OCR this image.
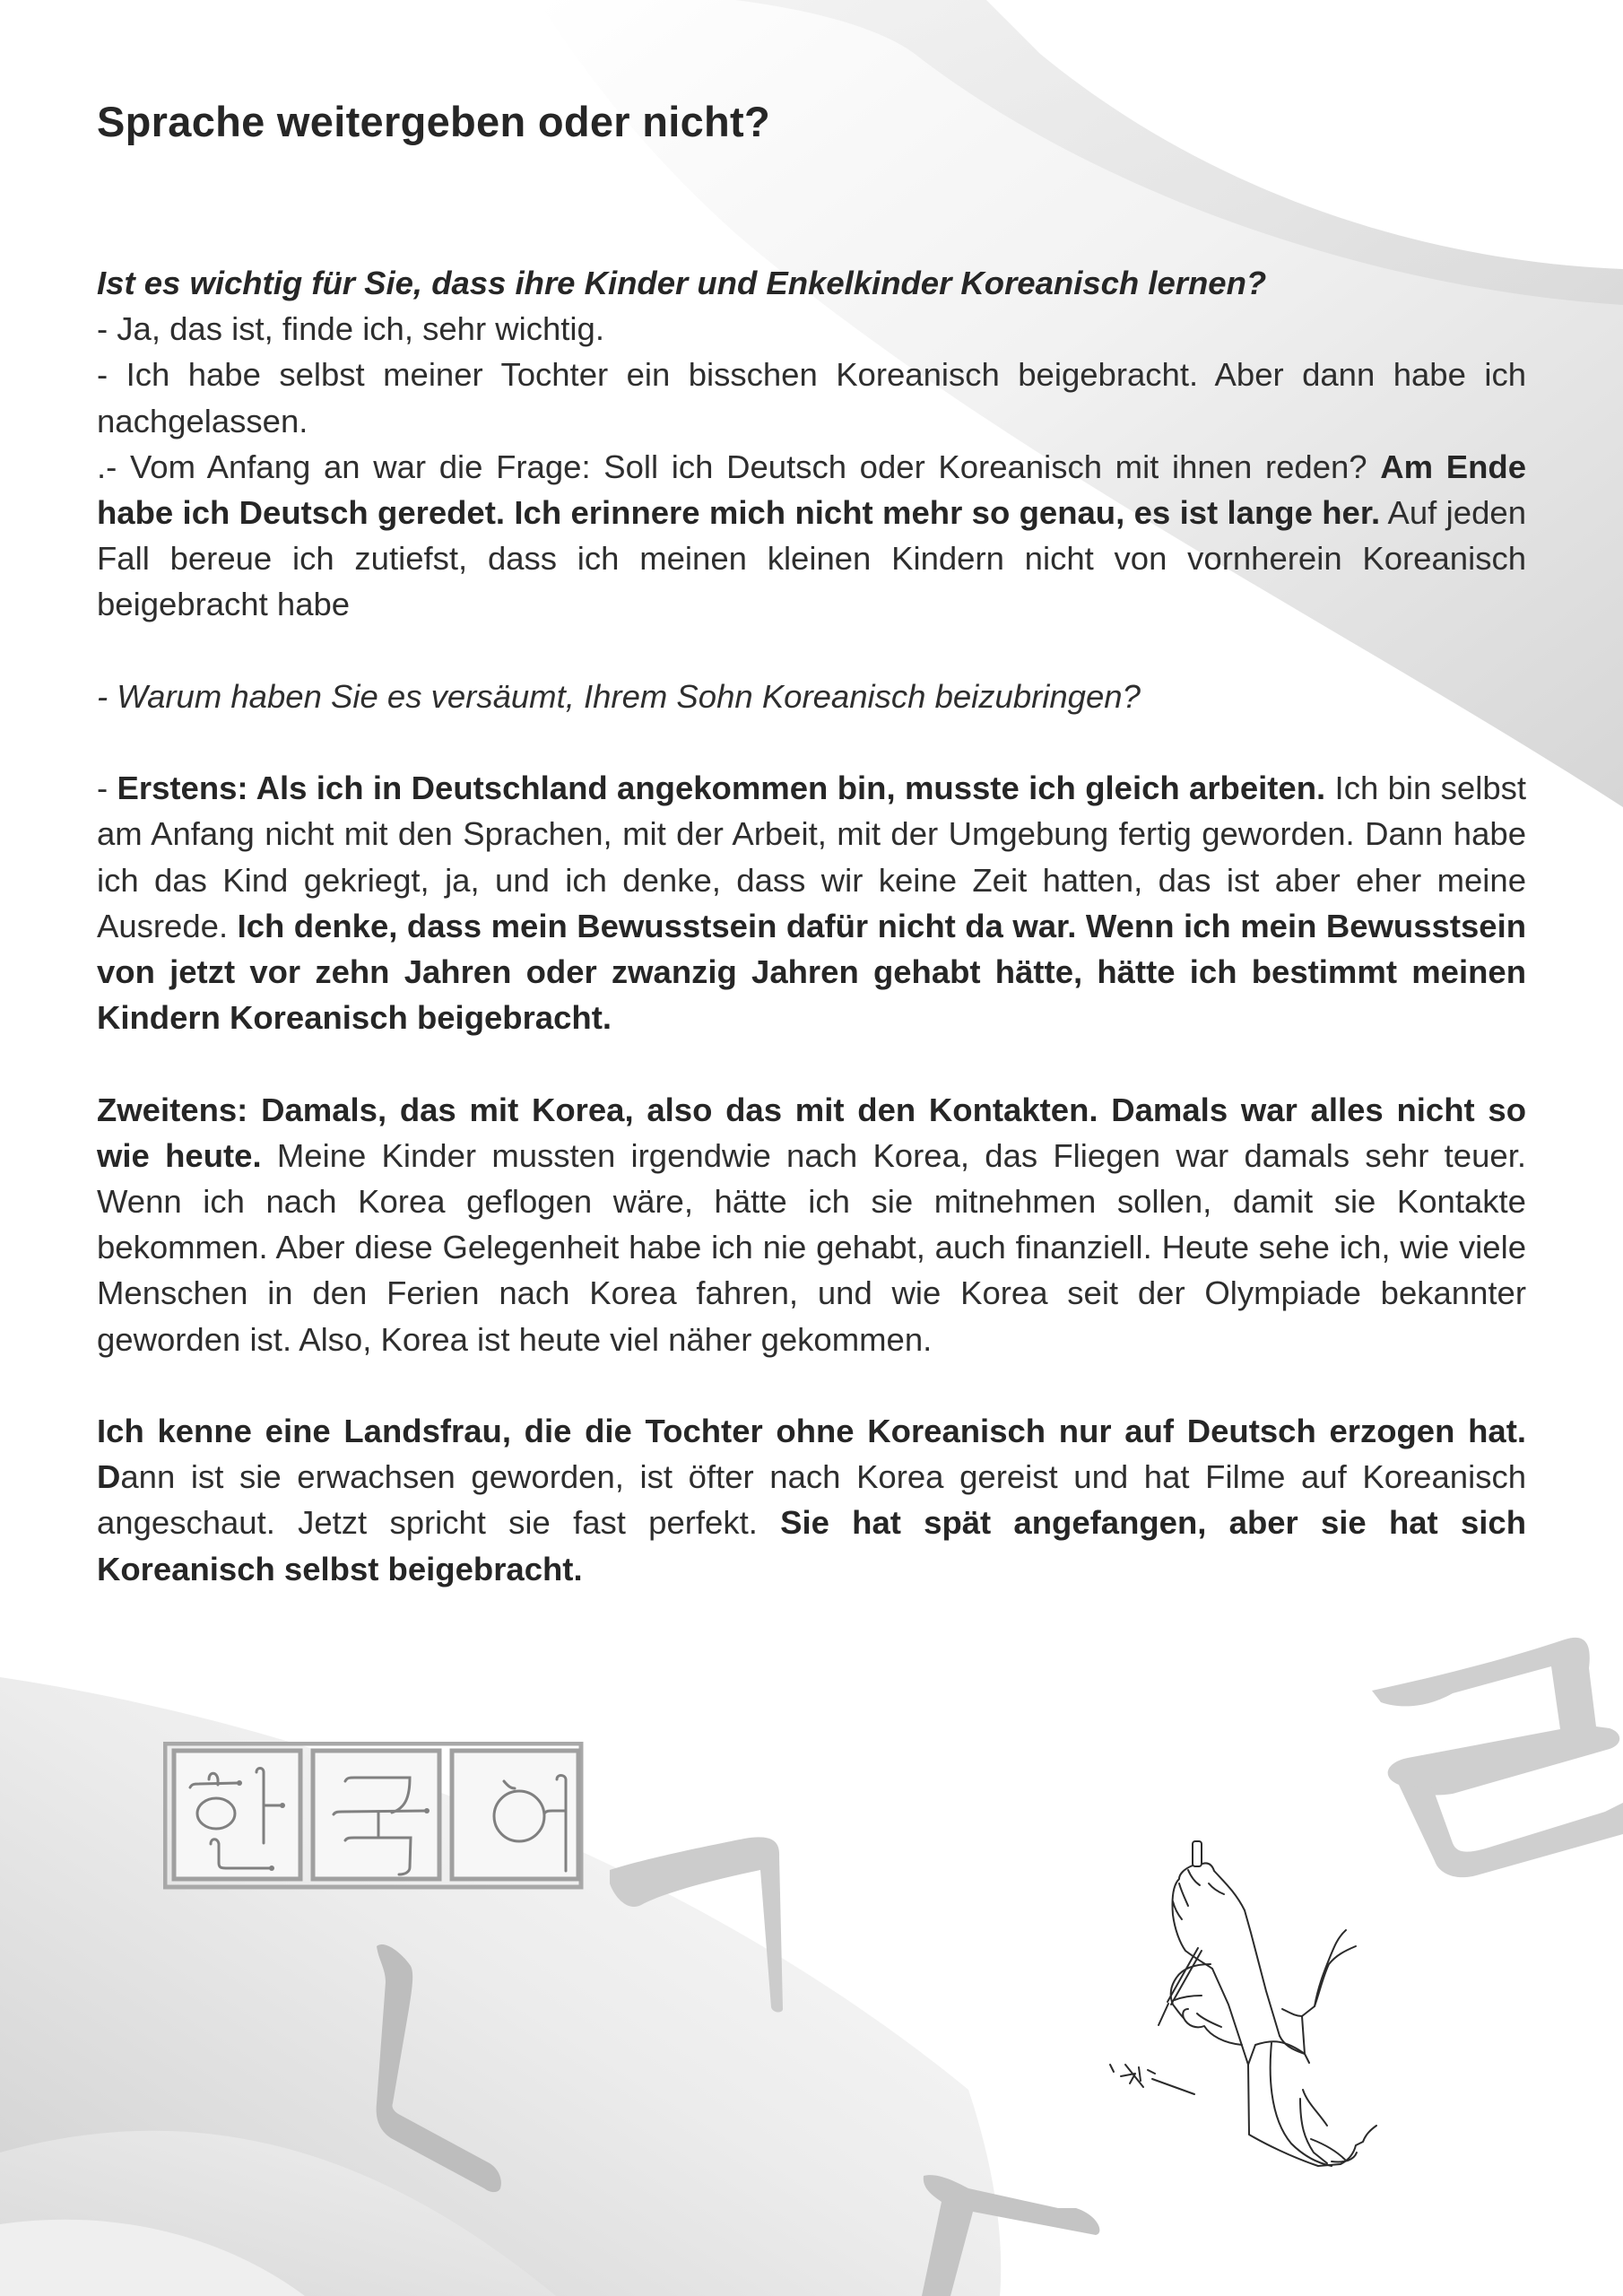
Sprache weitergeben oder nicht?

Ist es wichtig für Sie, dass ihre Kinder und Enkelkinder Koreanisch lernen?

- Ja, das ist, finde ich, sehr wichtig.

- Ich habe selbst meiner Tochter ein bisschen Koreanisch beigebracht. Aber dann habe ich nachgelassen.

.- Vom Anfang an war die Frage: Soll ich Deutsch oder Koreanisch mit ihnen reden? Am Ende habe ich Deutsch geredet. Ich erinnere mich nicht mehr so genau, es ist lange her. Auf jeden Fall bereue ich zutiefst, dass ich meinen kleinen Kindern nicht von vornherein Koreanisch beigebracht habe

- Warum haben Sie es versäumt, Ihrem Sohn Koreanisch beizubringen?

- Erstens: Als ich in Deutschland angekommen bin, musste ich gleich arbeiten. Ich bin selbst am Anfang nicht mit den Sprachen, mit der Arbeit, mit der Umgebung fertig geworden. Dann habe ich das Kind gekriegt, ja, und ich denke, dass wir keine Zeit hatten, das ist aber eher meine Ausrede. Ich denke, dass mein Bewusstsein dafür nicht da war. Wenn ich mein Bewusstsein von jetzt vor zehn Jahren oder zwanzig Jahren gehabt hätte, hätte ich bestimmt meinen Kindern Koreanisch beigebracht.

Zweitens: Damals, das mit Korea, also das mit den Kontakten. Damals war alles nicht so wie heute. Meine Kinder mussten irgendwie nach Korea, das Fliegen war damals sehr teuer. Wenn ich nach Korea geflogen wäre, hätte ich sie mitnehmen sollen, damit sie Kontakte bekommen. Aber diese Gelegenheit habe ich nie gehabt, auch finanziell. Heute sehe ich, wie viele Menschen in den Ferien nach Korea fahren, und wie Korea seit der Olympiade bekannter geworden ist. Also, Korea ist heute viel näher gekommen.

Ich kenne eine Landsfrau, die die Tochter ohne Koreanisch nur auf Deutsch erzogen hat. Dann ist sie erwachsen geworden, ist öfter nach Korea gereist und hat Filme auf Koreanisch angeschaut. Jetzt spricht sie fast perfekt. Sie hat spät angefangen, aber sie hat sich Koreanisch selbst beigebracht.
